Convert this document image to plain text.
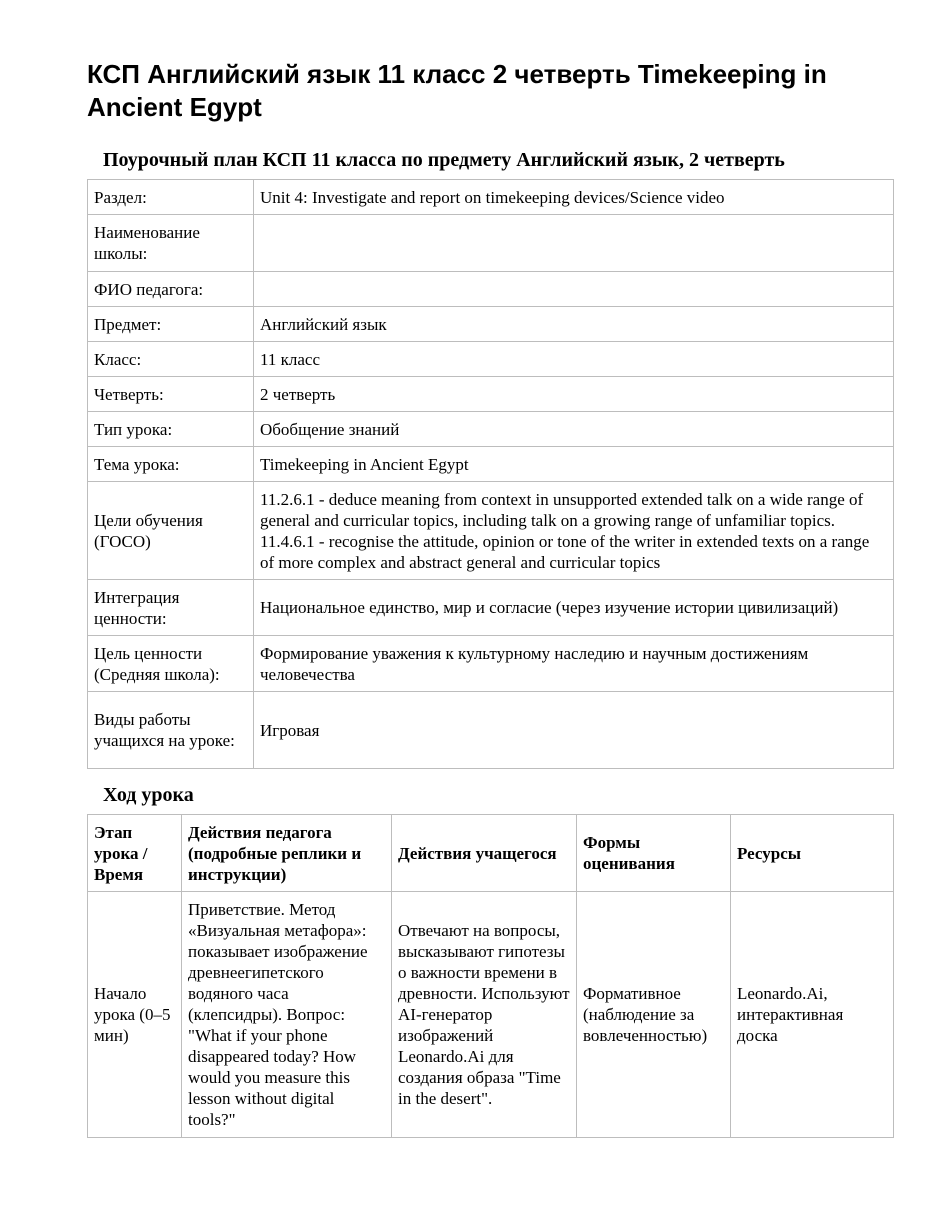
КСП Английский язык 11 класс 2 четверть Timekeeping in Ancient Egypt
Поурочный план КСП 11 класса по предмету Английский язык, 2 четверть
Раздел:	Unit 4: Investigate and report on timekeeping devices/Science video
Наименование школы:	
ФИО педагога:	
Предмет:	Английский язык
Класс:	11 класс
Четверть:	2 четверть
Тип урока:	Обобщение знаний
Тема урока:	Timekeeping in Ancient Egypt
Цели обучения (ГОСО)	11.2.6.1 - deduce meaning from context in unsupported extended talk on a wide range of general and curricular topics, including talk on a growing range of unfamiliar topics. 11.4.6.1 - recognise the attitude, opinion or tone of the writer in extended texts on a range of more complex and abstract general and curricular topics
Интеграция ценности:	Национальное единство, мир и согласие (через изучение истории цивилизаций)
Цель ценности (Средняя школа):	Формирование уважения к культурному наследию и научным достижениям человечества
Виды работы учащихся на уроке:	Игровая
Ход урока
Этап урока / Время	Действия педагога (подробные реплики и инструкции)	Действия учащегося	Формы оценивания	Ресурсы
Начало урока (0–5 мин)	Приветствие. Метод «Визуальная метафора»: показывает изображение древнеегипетского водяного часа (клепсидры). Вопрос: "What if your phone disappeared today? How would you measure this lesson without digital tools?"	Отвечают на вопросы, высказывают гипотезы о важности времени в древности. Используют AI-генератор изображений Leonardo.Ai для создания образа "Time in the desert".	Формативное (наблюдение за вовлеченностью)	Leonardo.Ai, интерактивная доска
